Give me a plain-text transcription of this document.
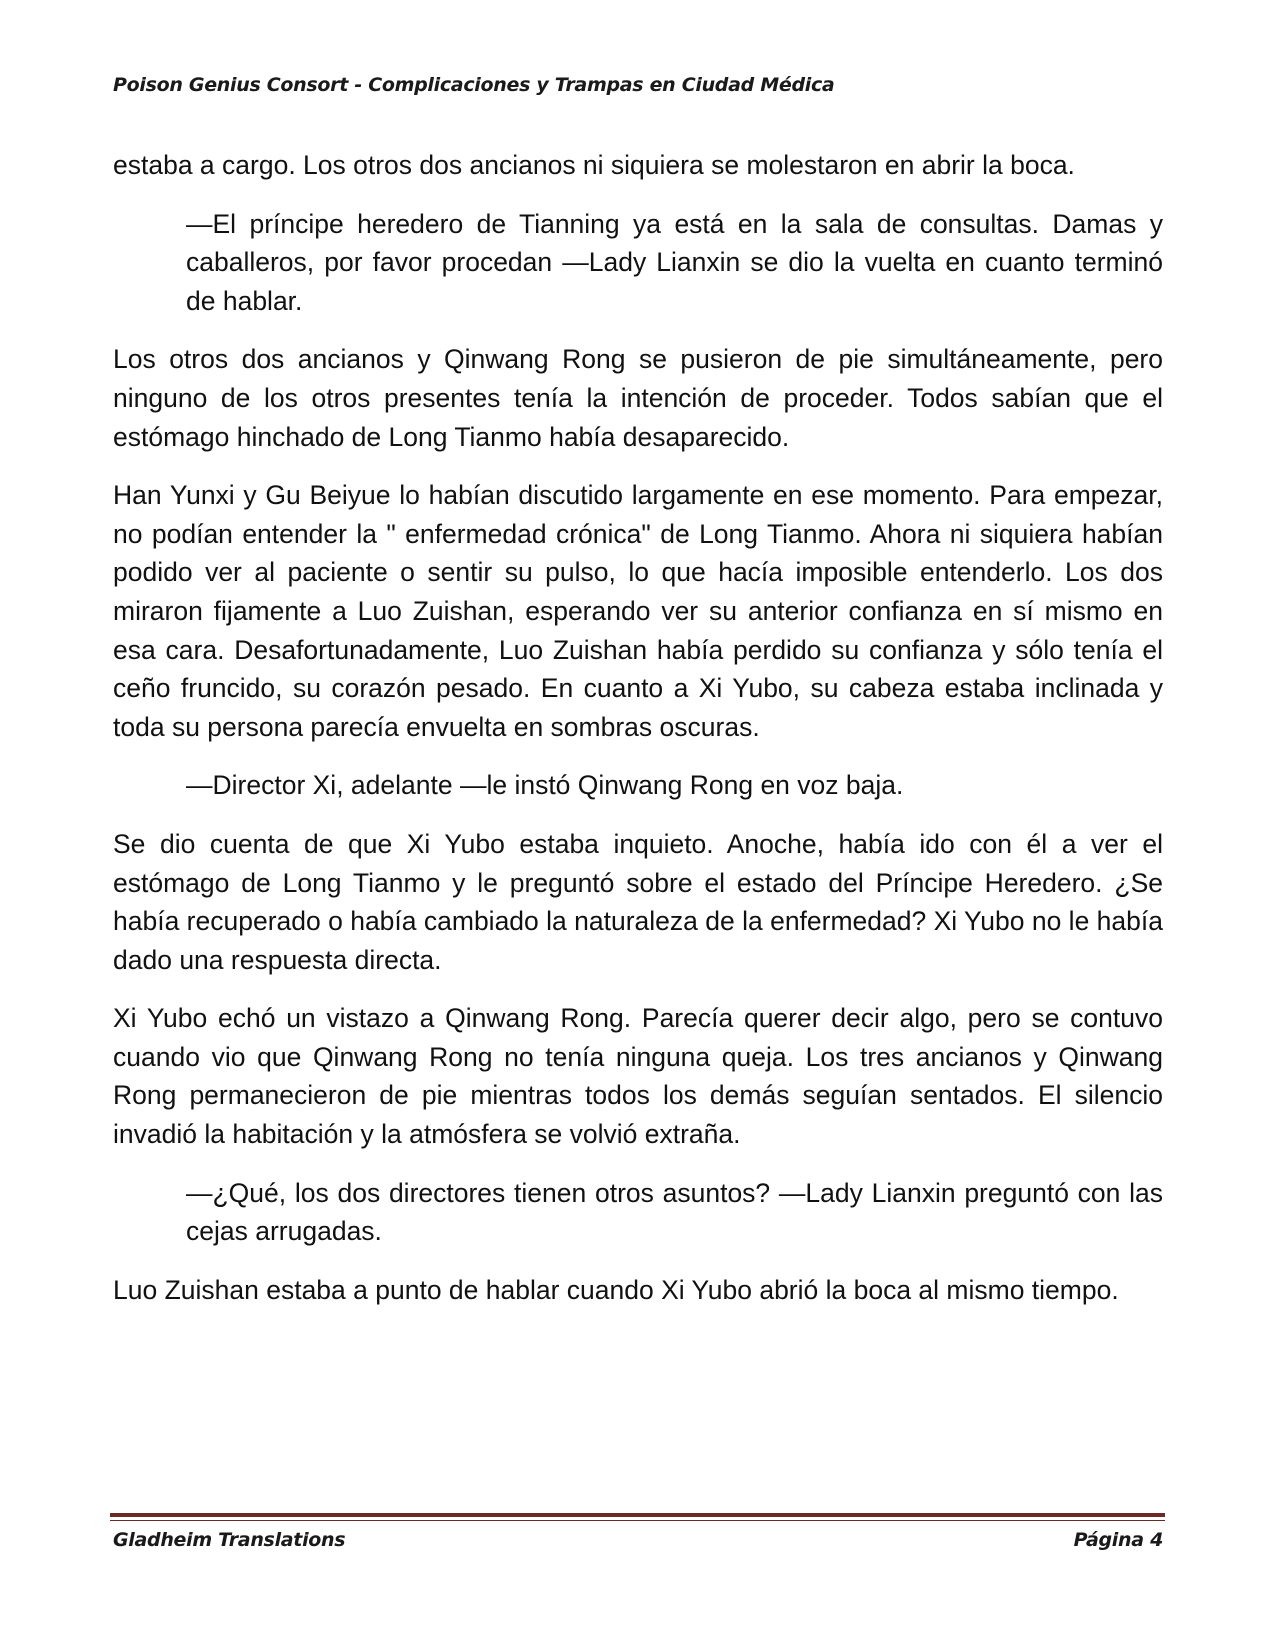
Poison Genius Consort - Complicaciones y Trampas en Ciudad Médica

estaba a cargo. Los otros dos ancianos ni siquiera se molestaron en abrir la boca.

—El príncipe heredero de Tianning ya está en la sala de consultas. Damas y caballeros, por favor procedan —Lady Lianxin se dio la vuelta en cuanto terminó de hablar.

Los otros dos ancianos y Qinwang Rong se pusieron de pie simultáneamente, pero ninguno de los otros presentes tenía la intención de proceder. Todos sabían que el estómago hinchado de Long Tianmo había desaparecido.

Han Yunxi y Gu Beiyue lo habían discutido largamente en ese momento. Para empezar, no podían entender la " enfermedad crónica" de Long Tianmo. Ahora ni siquiera habían podido ver al paciente o sentir su pulso, lo que hacía imposible entenderlo. Los dos miraron fijamente a Luo Zuishan, esperando ver su anterior confianza en sí mismo en esa cara. Desafortunadamente, Luo Zuishan había perdido su confianza y sólo tenía el ceño fruncido, su corazón pesado. En cuanto a Xi Yubo, su cabeza estaba inclinada y toda su persona parecía envuelta en sombras oscuras.

—Director Xi, adelante —le instó Qinwang Rong en voz baja.

Se dio cuenta de que Xi Yubo estaba inquieto. Anoche, había ido con él a ver el estómago de Long Tianmo y le preguntó sobre el estado del Príncipe Heredero. ¿Se había recuperado o había cambiado la naturaleza de la enfermedad? Xi Yubo no le había dado una respuesta directa.

Xi Yubo echó un vistazo a Qinwang Rong. Parecía querer decir algo, pero se contuvo cuando vio que Qinwang Rong no tenía ninguna queja. Los tres ancianos y Qinwang Rong permanecieron de pie mientras todos los demás seguían sentados. El silencio invadió la habitación y la atmósfera se volvió extraña.

—¿Qué, los dos directores tienen otros asuntos? —Lady Lianxin preguntó con las cejas arrugadas.

Luo Zuishan estaba a punto de hablar cuando Xi Yubo abrió la boca al mismo tiempo.

Gladheim Translations	Página 4
